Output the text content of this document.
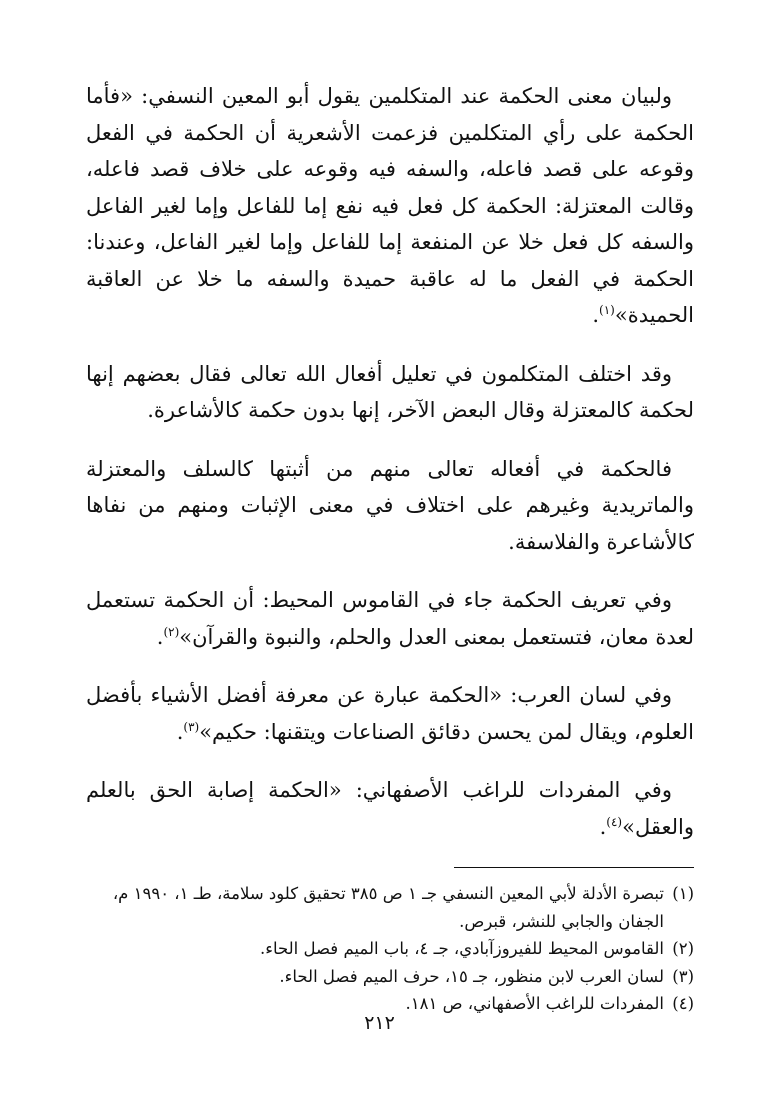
ولبيان معنى الحكمة عند المتكلمين يقول أبو المعين النسفي: «فأما الحكمة على رأي المتكلمين فزعمت الأشعرية أن الحكمة في الفعل وقوعه على قصد فاعله، والسفه فيه وقوعه على خلاف قصد فاعله، وقالت المعتزلة: الحكمة كل فعل فيه نفع إما للفاعل وإما لغير الفاعل والسفه كل فعل خلا عن المنفعة إما للفاعل وإما لغير الفاعل، وعندنا: الحكمة في الفعل ما له عاقبة حميدة والسفه ما خلا عن العاقبة الحميدة»$^{(١)}$.

وقد اختلف المتكلمون في تعليل أفعال الله تعالى فقال بعضهم إنها لحكمة كالمعتزلة وقال البعض الآخر، إنها بدون حكمة كالأشاعرة.

فالحكمة في أفعاله تعالى منهم من أثبتها كالسلف والمعتزلة والماتريدية وغيرهم على اختلاف في معنى الإثبات ومنهم من نفاها كالأشاعرة والفلاسفة.

وفي تعريف الحكمة جاء في القاموس المحيط: أن الحكمة تستعمل لعدة معان، فتستعمل بمعنى العدل والحلم، والنبوة والقرآن»$^{(٢)}$.

وفي لسان العرب: «الحكمة عبارة عن معرفة أفضل الأشياء بأفضل العلوم، ويقال لمن يحسن دقائق الصناعات ويتقنها: حكيم»$^{(٣)}$.

وفي المفردات للراغب الأصفهاني: «الحكمة إصابة الحق بالعلم والعقل»$^{(٤)}$.

(١)
تبصرة الأدلة لأبي المعين النسفي جـ ١ ص ٣٨٥ تحقيق كلود سلامة، طـ ١، ١٩٩٠ م، الجفان والجابي للنشر، قبرص.

(٢)
القاموس المحيط للفيروزآبادي، جـ ٤، باب الميم فصل الحاء.

(٣)
لسان العرب لابن منظور، جـ ١٥، حرف الميم فصل الحاء.

(٤)
المفردات للراغب الأصفهاني، ص ١٨١.

٢١٢
